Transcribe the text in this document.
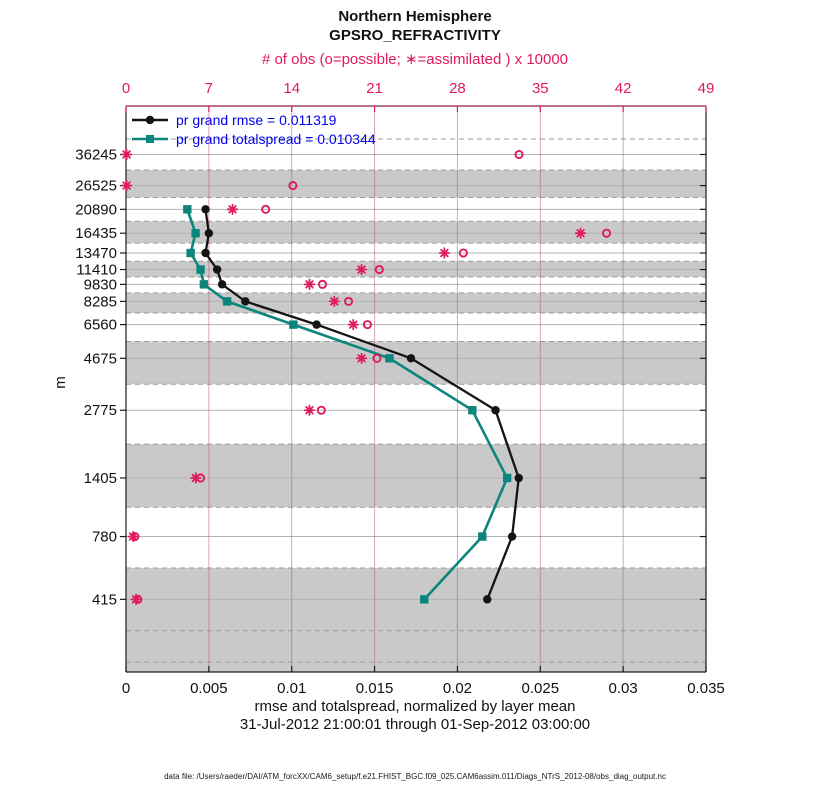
0	0.005	0.01	0.015	0.02	0.025	0.03	0.035
0	7	14	21	28	35	42	49
415
780
1405
2775
4675
6560
8285
9830
11410
13470
16435
20890
26525
36245
Northern Hemisphere
GPSRO_REFRACTIVITY
# of obs (o=possible; ∗=assimilated ) x 10000
m
rmse and totalspread, normalized by layer mean
31-Jul-2012 21:00:01 through 01-Sep-2012 03:00:00
pr grand rmse = 0.011319
pr grand totalspread = 0.010344
data file: /Users/raeder/DAI/ATM_forcXX/CAM6_setup/f.e21.FHIST_BGC.f09_025.CAM6assim.011/Diags_NTrS_2012-08/obs_diag_output.nc
